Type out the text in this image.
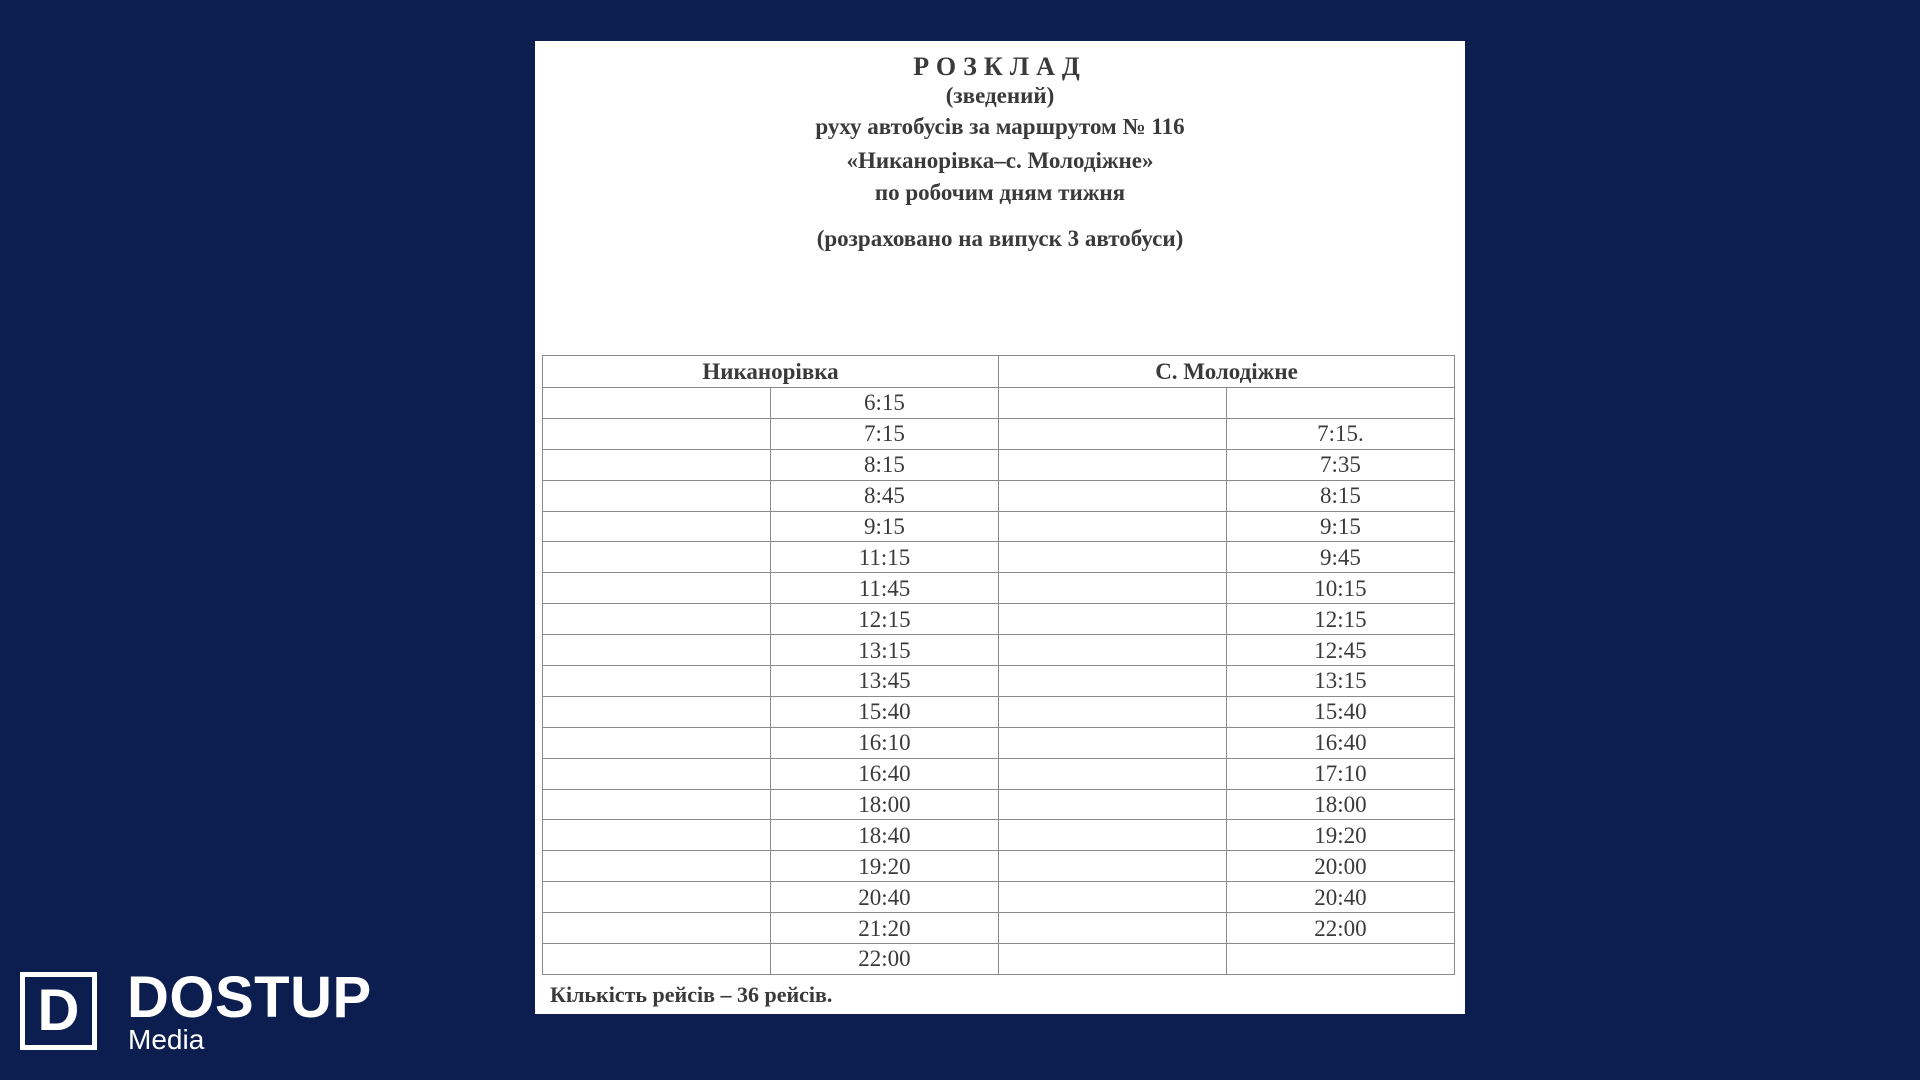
РОЗКЛАД
(зведений)
руху автобусів за маршрутом № 116
«Никанорівка–с. Молодіжне»
по робочим дням тижня
(розраховано на випуск 3 автобуси)
Никанорівка		С. Молодіжне	
	6:15		
	7:15		7:15.
	8:15		7:35
	8:45		8:15
	9:15		9:15
	11:15		9:45
	11:45		10:15
	12:15		12:15
	13:15		12:45
	13:45		13:15
	15:40		15:40
	16:10		16:40
	16:40		17:10
	18:00		18:00
	18:40		19:20
	19:20		20:00
	20:40		20:40
	21:20		22:00
	22:00		
Кількість рейсів – 36 рейсів.
D DOSTUP
Media
